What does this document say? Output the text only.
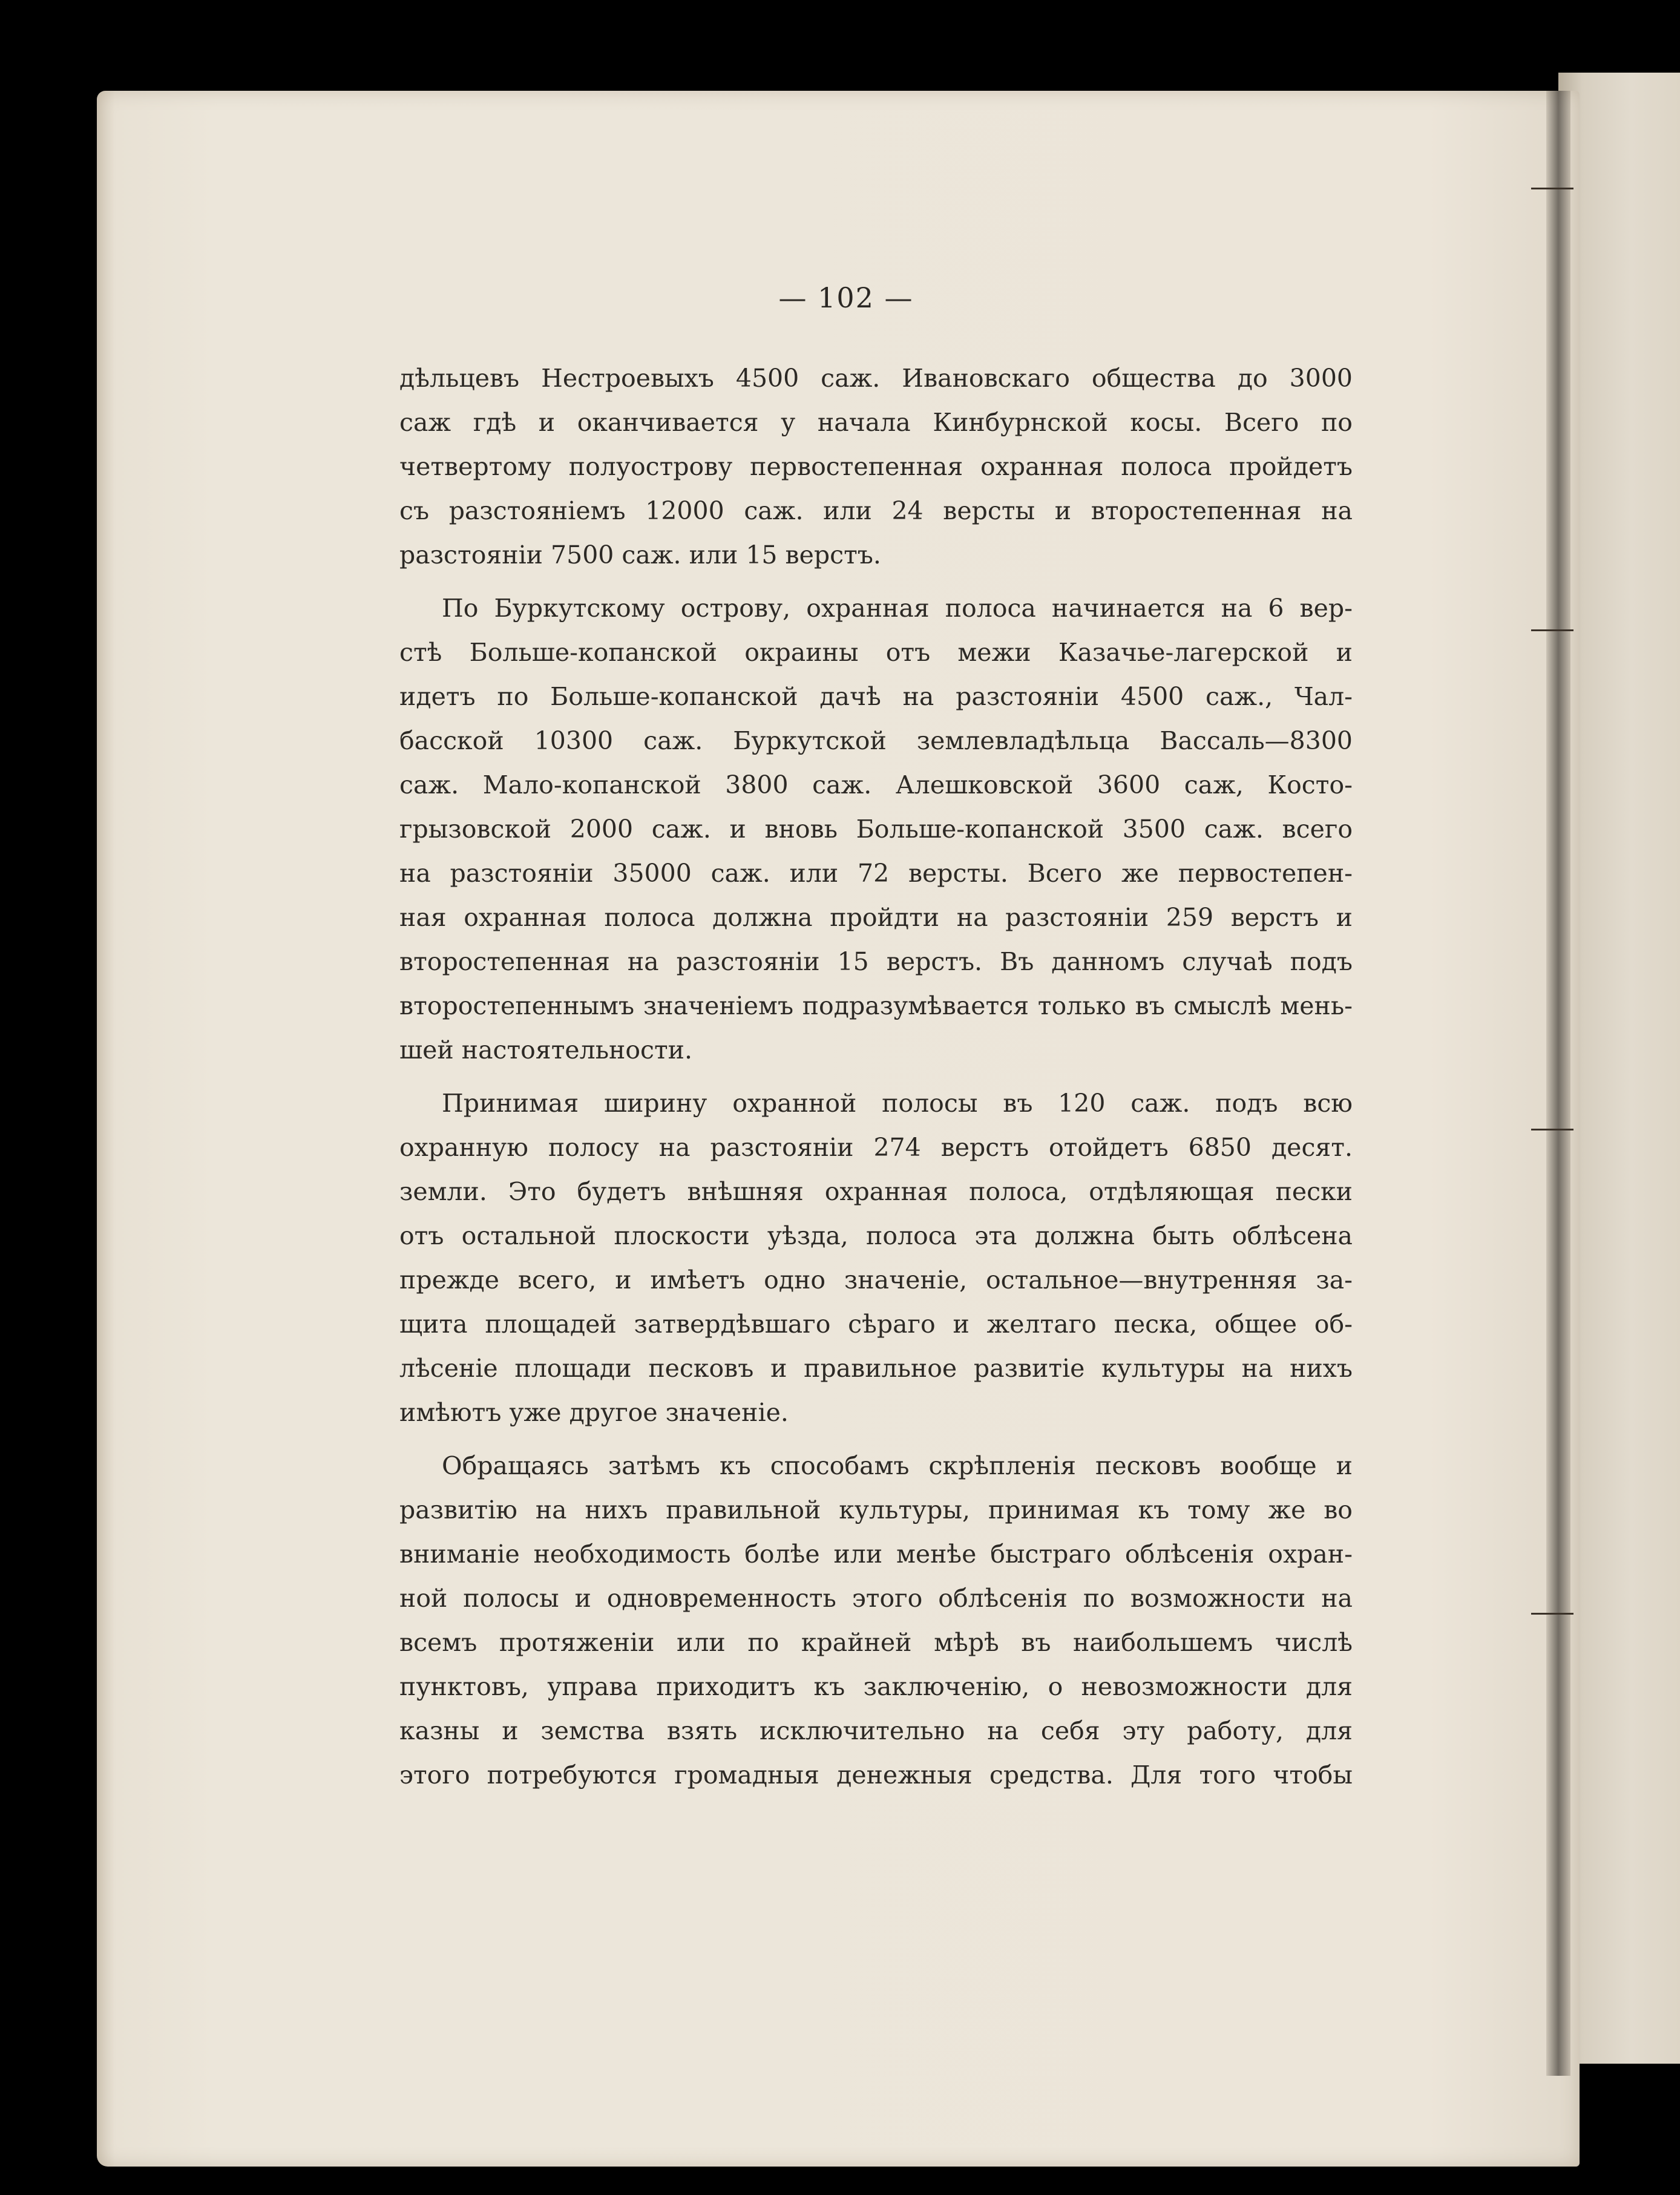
— 102 —
дѣльцевъ Нестроевыхъ 4500 саж. Ивановскаго общества до 3000
саж гдѣ и оканчивается у начала Кинбурнской косы. Всего по
четвертому полуострову первостепенная охранная полоса пройдетъ
съ разстояніемъ 12000 саж. или 24 версты и второстепенная на
разстояніи 7500 саж. или 15 верстъ.
По Буркутскому острову, охранная полоса начинается на 6 вер-
стѣ Больше-копанской окраины отъ межи Казачье-лагерской и
идетъ по Больше-копанской дачѣ на разстояніи 4500 саж., Чал-
басской 10300 саж. Буркутской землевладѣльца Вассаль—8300
саж. Мало-копанской 3800 саж. Алешковской 3600 саж, Косто-
грызовской 2000 саж. и вновь Больше-копанской 3500 саж. всего
на разстояніи 35000 саж. или 72 версты. Всего же первостепен-
ная охранная полоса должна пройдти на разстояніи 259 верстъ и
второстепенная на разстояніи 15 верстъ. Въ данномъ случаѣ подъ
второстепеннымъ значеніемъ подразумѣвается только въ смыслѣ мень-
шей настоятельности.
Принимая ширину охранной полосы въ 120 саж. подъ всю
охранную полосу на разстояніи 274 верстъ отойдетъ 6850 десят.
земли. Это будетъ внѣшняя охранная полоса, отдѣляющая пески
отъ остальной плоскости уѣзда, полоса эта должна быть облѣсена
прежде всего, и имѣетъ одно значеніе, остальное—внутренняя за-
щита площадей затвердѣвшаго сѣраго и желтаго песка, общее об-
лѣсеніе площади песковъ и правильное развитіе культуры на нихъ
имѣютъ уже другое значеніе.
Обращаясь затѣмъ къ способамъ скрѣпленія песковъ вообще и
развитію на нихъ правильной культуры, принимая къ тому же во
вниманіе необходимость болѣе или менѣе быстраго облѣсенія охран-
ной полосы и одновременность этого облѣсенія по возможности на
всемъ протяженіи или по крайней мѣрѣ въ наибольшемъ числѣ
пунктовъ, управа приходитъ къ заключенію, о невозможности для
казны и земства взять исключительно на себя эту работу, для
этого потребуются громадныя денежныя средства. Для того чтобы
